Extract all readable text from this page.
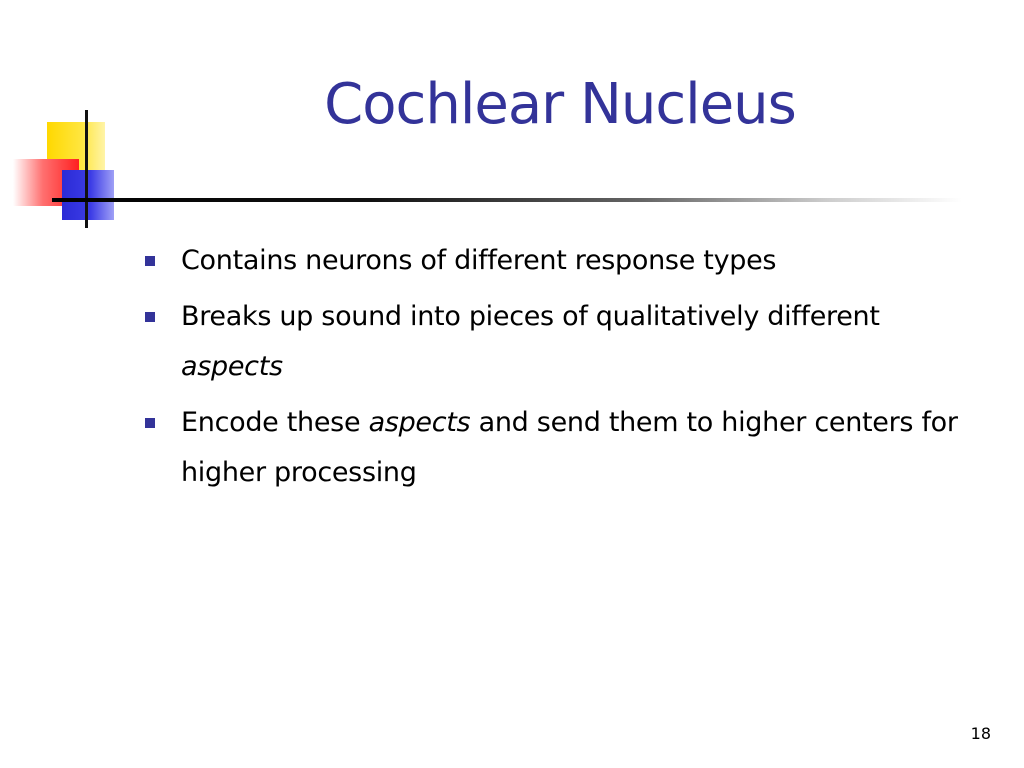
Cochlear Nucleus
Contains neurons of different response types
Breaks up sound into pieces of qualitatively different
aspects
Encode these aspects and send them to higher centers for higher processing
18
